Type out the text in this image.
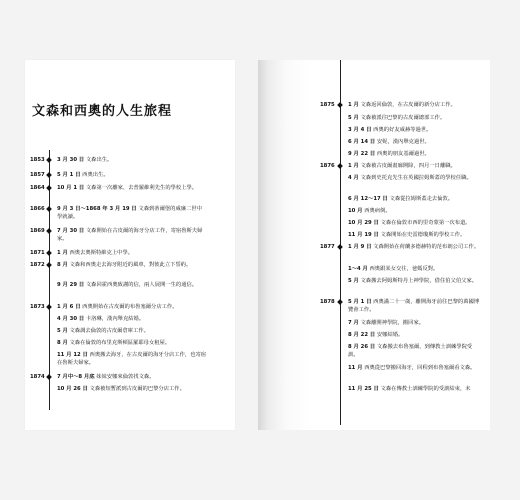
文森和西奧的人生旅程
1853 3 月 30 日 文森出生。
1857 5 月 1 日 西奧出生。
1864 10 月 1 日 文森第一次離家，去普羅維利先生的學校上學。
1866 9 月 3 日～1868 年 3 月 19 日 文森到蒂爾堡的威廉二世中學就讀。
1869 7 月 30 日 文森開始在古皮爾的海牙分店工作，寄宿魯斯夫婦家。
1871 1 月 西奧去奧斯特維克上中學。
1872 8 月 文森和西奧走去海牙附近的風車，對彼此立下誓約。
9 月 29 日 文森回霍西奧致謝的信，兩人展開一生的通信。
1873 1 月 6 日 西奧開始在古皮爾的布魯塞爾分店工作。
4 月 30 日 卡洛琳，漢內舉克結婚。
5 月 文森調去倫敦的古皮爾倉庫工作。
8 月 文森在倫敦的布里克斯頓區羅耶母女租屋。
11 月 12 日 西奧搬去海牙，在古皮爾的海牙分店工作，也寄宿在魯斯夫婦家。
1874 7 月中～8 月底 妹妹安娜來倫敦找文森。
10 月 26 日 文森被短暫派到古皮爾的巴黎分店工作。
1875	1 月 文森返回倫敦，在古皮爾的新分店工作。
5 月 文森被派往巴黎的古皮爾總部工作。
3 月 4 日 西奧的好友威赫等過世。
6 月 14 日 安妮，漢內舉克過世。
9 月 22 日 西奧的朋友基爾過世。
1876	1 月 文森被古皮爾畫廊開除，四月一日離職。
4 月 文森到史托克先生在英國拉姆斯蓋的學校任職。
6 月 12～17 日 文森從拉姆斯蓋走去倫敦。
10 月 西奧病倒。
10 月 29 日 文森在倫敦市西的里奇蒙第一次布道。
11 月 19 日 文森開始在史雷德瓊斯的學校工作。
1877	1 月 9 日 文森開始在荷蘭多德赫特的范布朗公司工作。
1～4 月 西奧跟某女交往，爸媽反對。
5 月 文森搬去阿姆斯特丹上神學院，借住伯父伯父家。
1878	5 月 1 日 西奧滿二十一歲，離開海牙前往巴黎的萬國博覽會工作。
7 月 文森離開神學院，搬回家。
8 月 22 日 安娜結婚。
8 月 26 日 文森搬去布魯塞爾，到傳教士訓練學院受訓。
11 月 西奧從巴黎搬回海牙，回程到布魯塞爾看文森。
11 月 25 日 文森在傳教士訓練學院的受訓結束，未
